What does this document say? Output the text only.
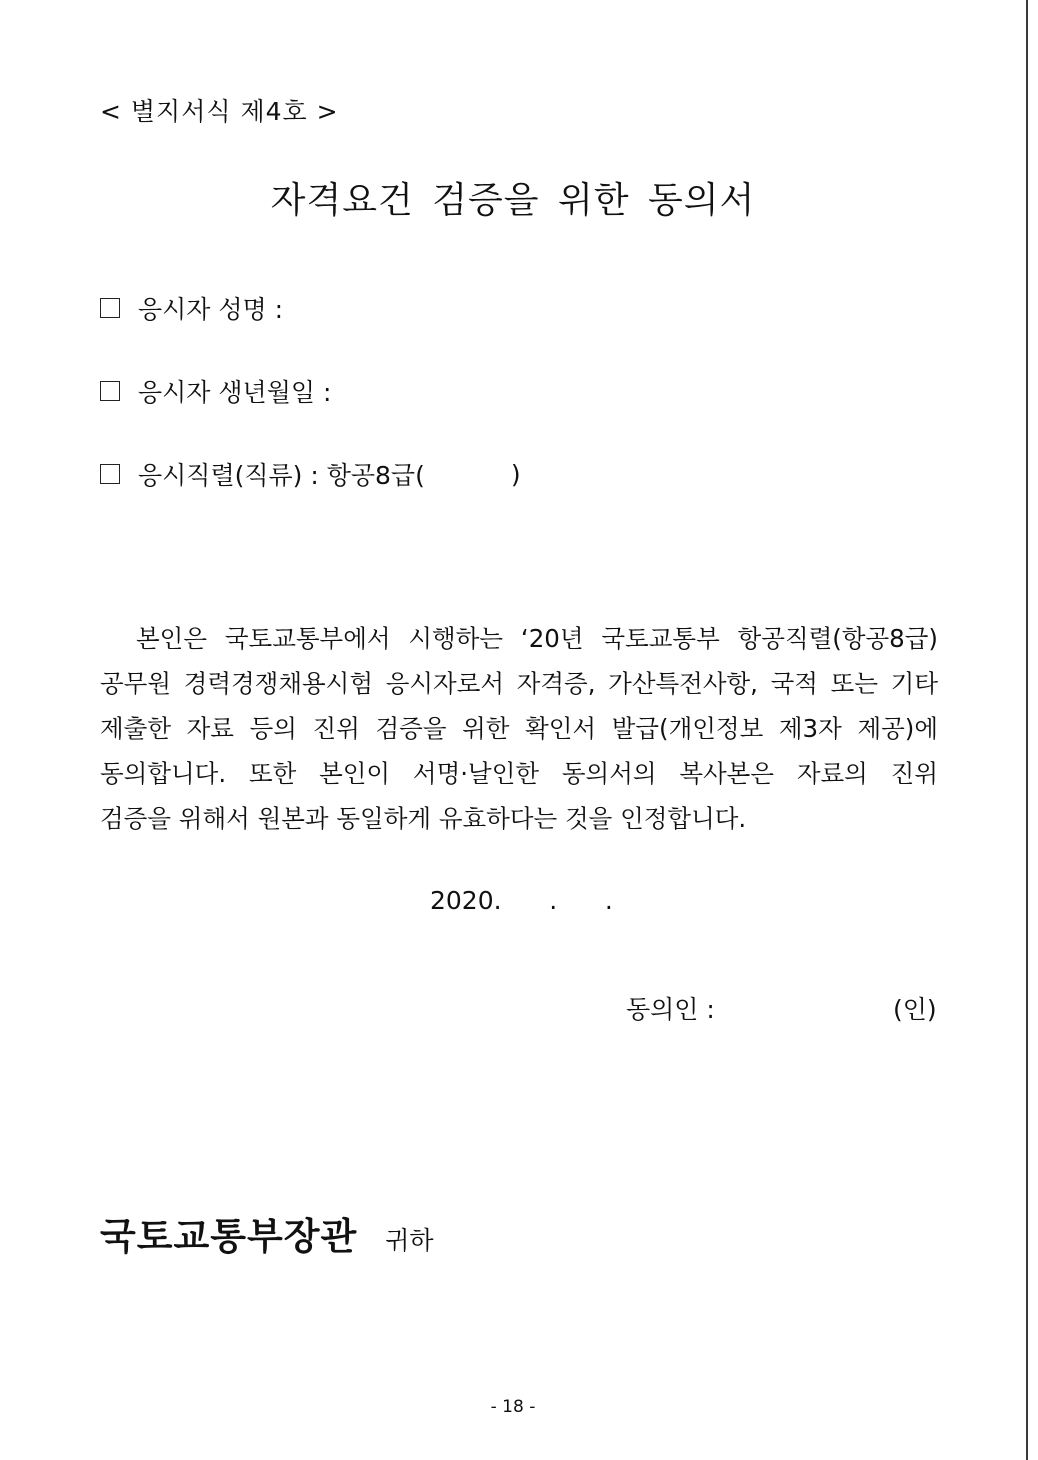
< 별지서식 제4호 >
자격요건 검증을 위한 동의서
응시자 성명 :
응시자 생년월일 :
응시직렬(직류) : 항공8급(	)
본인은 국토교통부에서 시행하는 ‘20년 국토교통부 항공직렬(항공8급)
공무원 경력경쟁채용시험 응시자로서 자격증, 가산특전사항, 국적 또는 기타
제출한 자료 등의 진위 검증을 위한 확인서 발급(개인정보 제3자 제공)에
동의합니다. 또한 본인이 서명·날인한 동의서의 복사본은 자료의 진위
검증을 위해서 원본과 동일하게 유효하다는 것을 인정합니다.
2020.      .      .
동의인 :	(인)
국토교통부장관 귀하
- 18 -
